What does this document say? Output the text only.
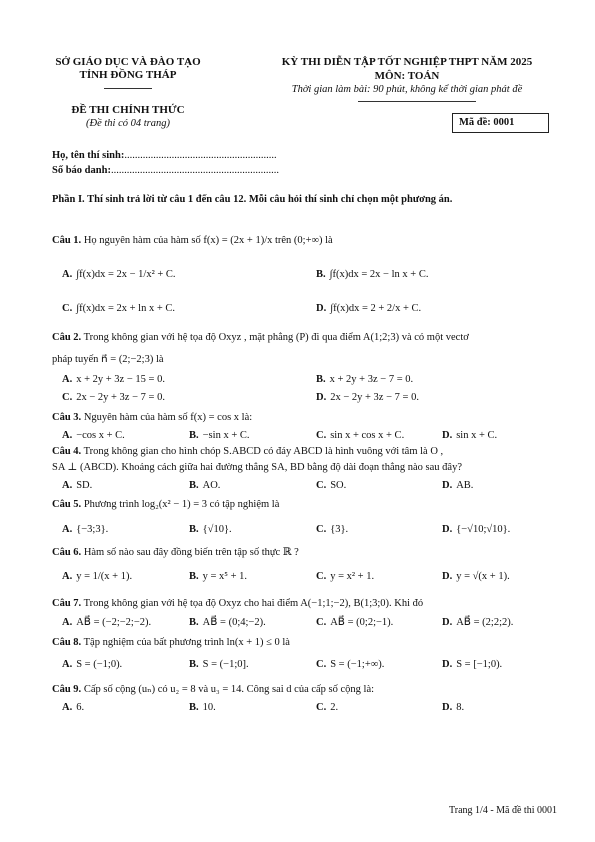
SỞ GIÁO DỤC VÀ ĐÀO TẠO
TỈNH ĐỒNG THÁP
ĐỀ THI CHÍNH THỨC
(Đề thi có 04 trang)
KỲ THI DIỄN TẬP TỐT NGHIỆP THPT NĂM 2025
MÔN: TOÁN
Thời gian làm bài: 90 phút, không kể thời gian phát đề
Mã đề: 0001
Họ, tên thí sinh:..........................................................
Số báo danh:................................................................
Phần I. Thí sinh trả lời từ câu 1 đến câu 12. Mỗi câu hỏi thí sinh chỉ chọn một phương án.
Câu 1. Họ nguyên hàm của hàm số f(x) = (2x + 1)/x trên (0;+∞) là
A. ∫f(x)dx = 2x − 1/x² + C.	B. ∫f(x)dx = 2x − ln x + C.
C. ∫f(x)dx = 2x + ln x + C.	D. ∫f(x)dx = 2 + 2/x + C.
Câu 2. Trong không gian với hệ tọa độ Oxyz , mặt phẳng (P) đi qua điểm A(1;2;3) và có một vectơ
pháp tuyến n⃗ = (2;−2;3) là
A. x + 2y + 3z − 15 = 0.	B. x + 2y + 3z − 7 = 0.
C. 2x − 2y + 3z − 7 = 0.	D. 2x − 2y + 3z − 7 = 0.
Câu 3. Nguyên hàm của hàm số f(x) = cos x là:
A. −cos x + C.	B. −sin x + C.	C. sin x + cos x + C.	D. sin x + C.
Câu 4. Trong không gian cho hình chóp S.ABCD có đáy ABCD là hình vuông với tâm là O ,
SA ⊥ (ABCD). Khoảng cách giữa hai đường thẳng SA, BD bằng độ dài đoạn thẳng nào sau đây?
A. SD.	B. AO.	C. SO.	D. AB.
Câu 5. Phương trình log₂(x² − 1) = 3 có tập nghiệm là
A. {−3;3}.	B. {√10}.	C. {3}.	D. {−√10;√10}.
Câu 6. Hàm số nào sau đây đồng biến trên tập số thực ℝ ?
A. y = 1/(x + 1).	B. y = x⁵ + 1.	C. y = x² + 1.	D. y = √(x + 1).
Câu 7. Trong không gian với hệ tọa độ Oxyz cho hai điểm A(−1;1;−2), B(1;3;0). Khi đó
A. AB⃗ = (−2;−2;−2).	B. AB⃗ = (0;4;−2).	C. AB⃗ = (0;2;−1).	D. AB⃗ = (2;2;2).
Câu 8. Tập nghiệm của bất phương trình ln(x + 1) ≤ 0 là
A. S = (−1;0).	B. S = (−1;0].	C. S = (−1;+∞).	D. S = [−1;0).
Câu 9. Cấp số cộng (uₙ) có u₂ = 8 và u₃ = 14. Công sai d của cấp số cộng là:
A. 6.	B. 10.	C. 2.	D. 8.
Trang 1/4 - Mã đề thi 0001
